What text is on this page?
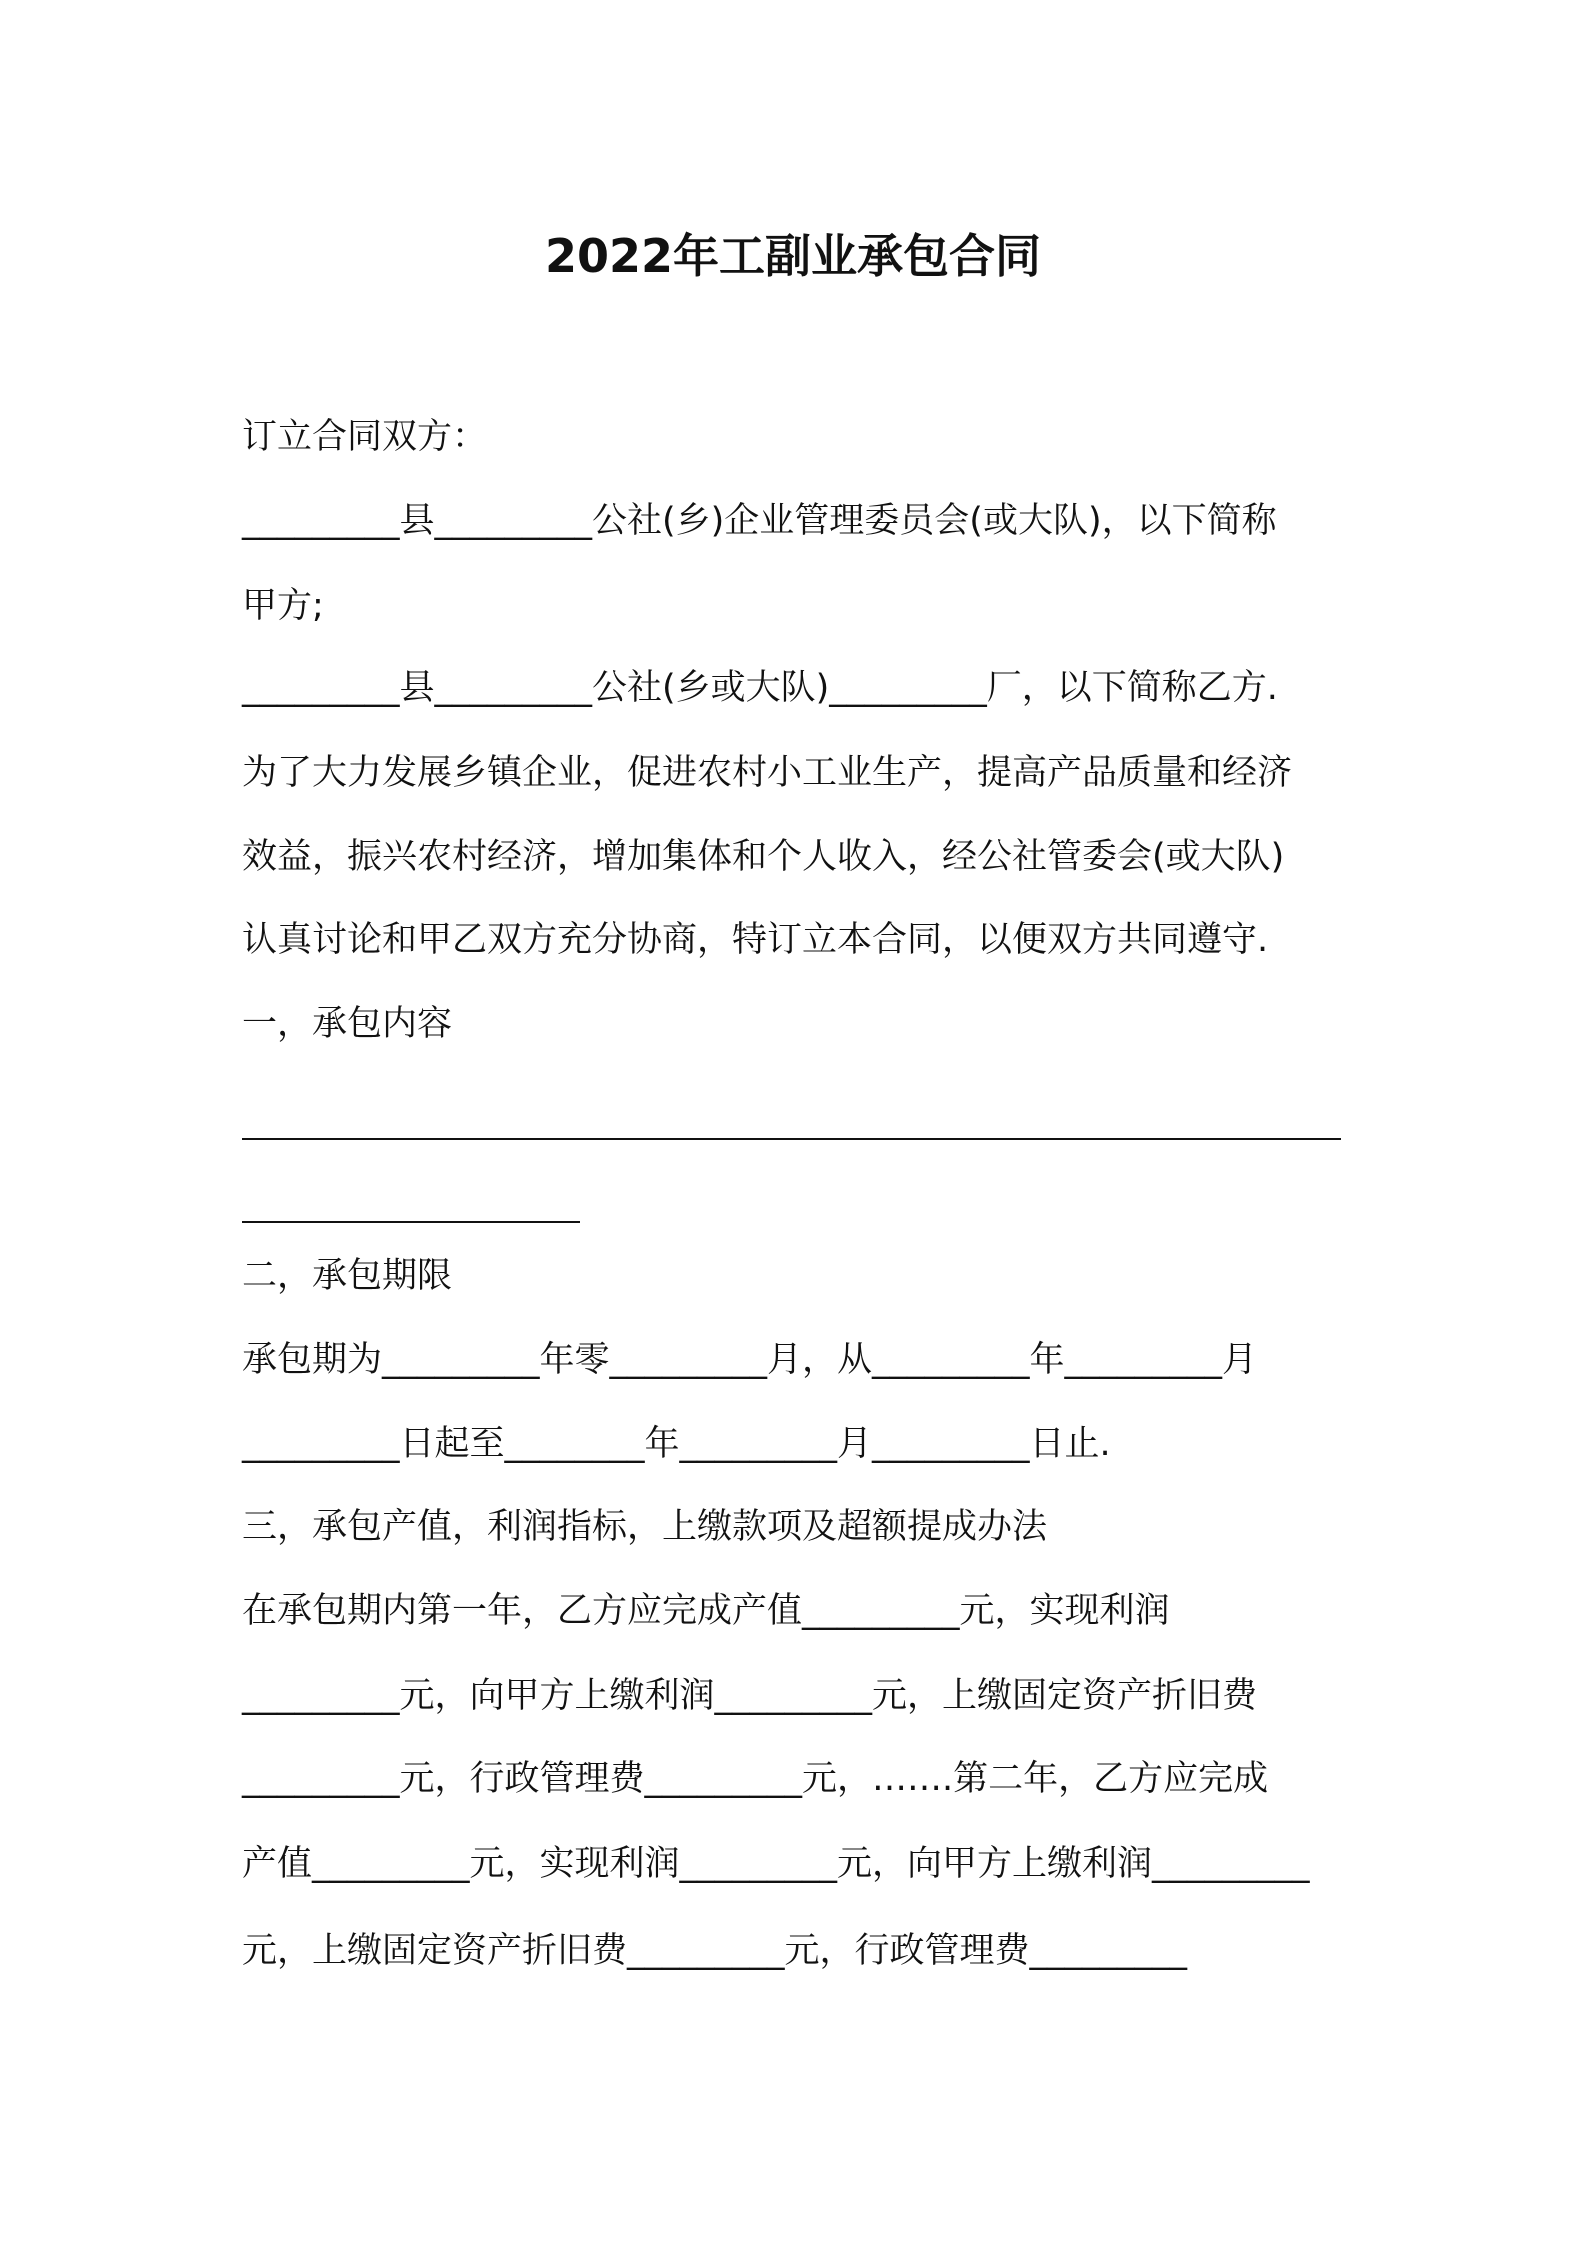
2022年工副业承包合同
订立合同双方：
_________县_________公社(乡)企业管理委员会(或大队)，以下简称
甲方;
_________县_________公社(乡或大队)_________厂，以下简称乙方.
为了大力发展乡镇企业，促进农村小工业生产，提高产品质量和经济
效益，振兴农村经济，增加集体和个人收入，经公社管委会(或大队)
认真讨论和甲乙双方充分协商，特订立本合同，以便双方共同遵守.
一，承包内容
二，承包期限
承包期为_________年零_________月，从_________年_________月
_________日起至________年_________月_________日止.
三，承包产值，利润指标，上缴款项及超额提成办法
在承包期内第一年，乙方应完成产值_________元，实现利润
_________元，向甲方上缴利润_________元，上缴固定资产折旧费
_________元，行政管理费_________元，…….第二年，乙方应完成
产值_________元，实现利润_________元，向甲方上缴利润_________
元，上缴固定资产折旧费_________元，行政管理费_________
